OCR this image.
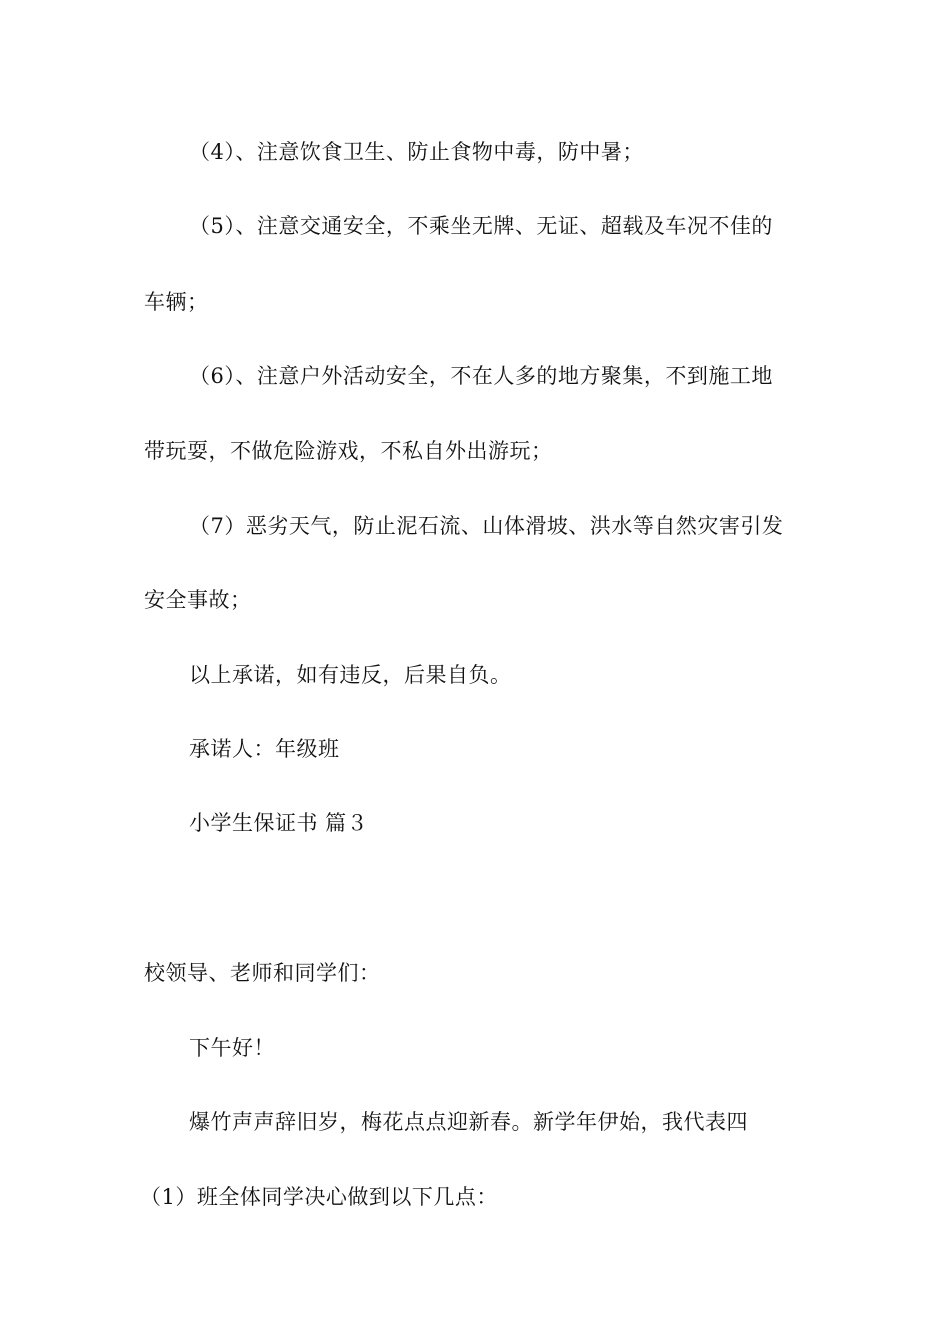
（4）、注意饮食卫生、防止食物中毒，防中暑；
（5）、注意交通安全，不乘坐无牌、无证、超载及车况不佳的
车辆；
（6）、注意户外活动安全，不在人多的地方聚集，不到施工地
带玩耍，不做危险游戏，不私自外出游玩；
（7）恶劣天气，防止泥石流、山体滑坡、洪水等自然灾害引发
安全事故；
以上承诺，如有违反，后果自负。
承诺人：年级班
小学生保证书 篇３
校领导、老师和同学们：
下午好！
爆竹声声辞旧岁，梅花点点迎新春。新学年伊始，我代表四
（1）班全体同学决心做到以下几点：
